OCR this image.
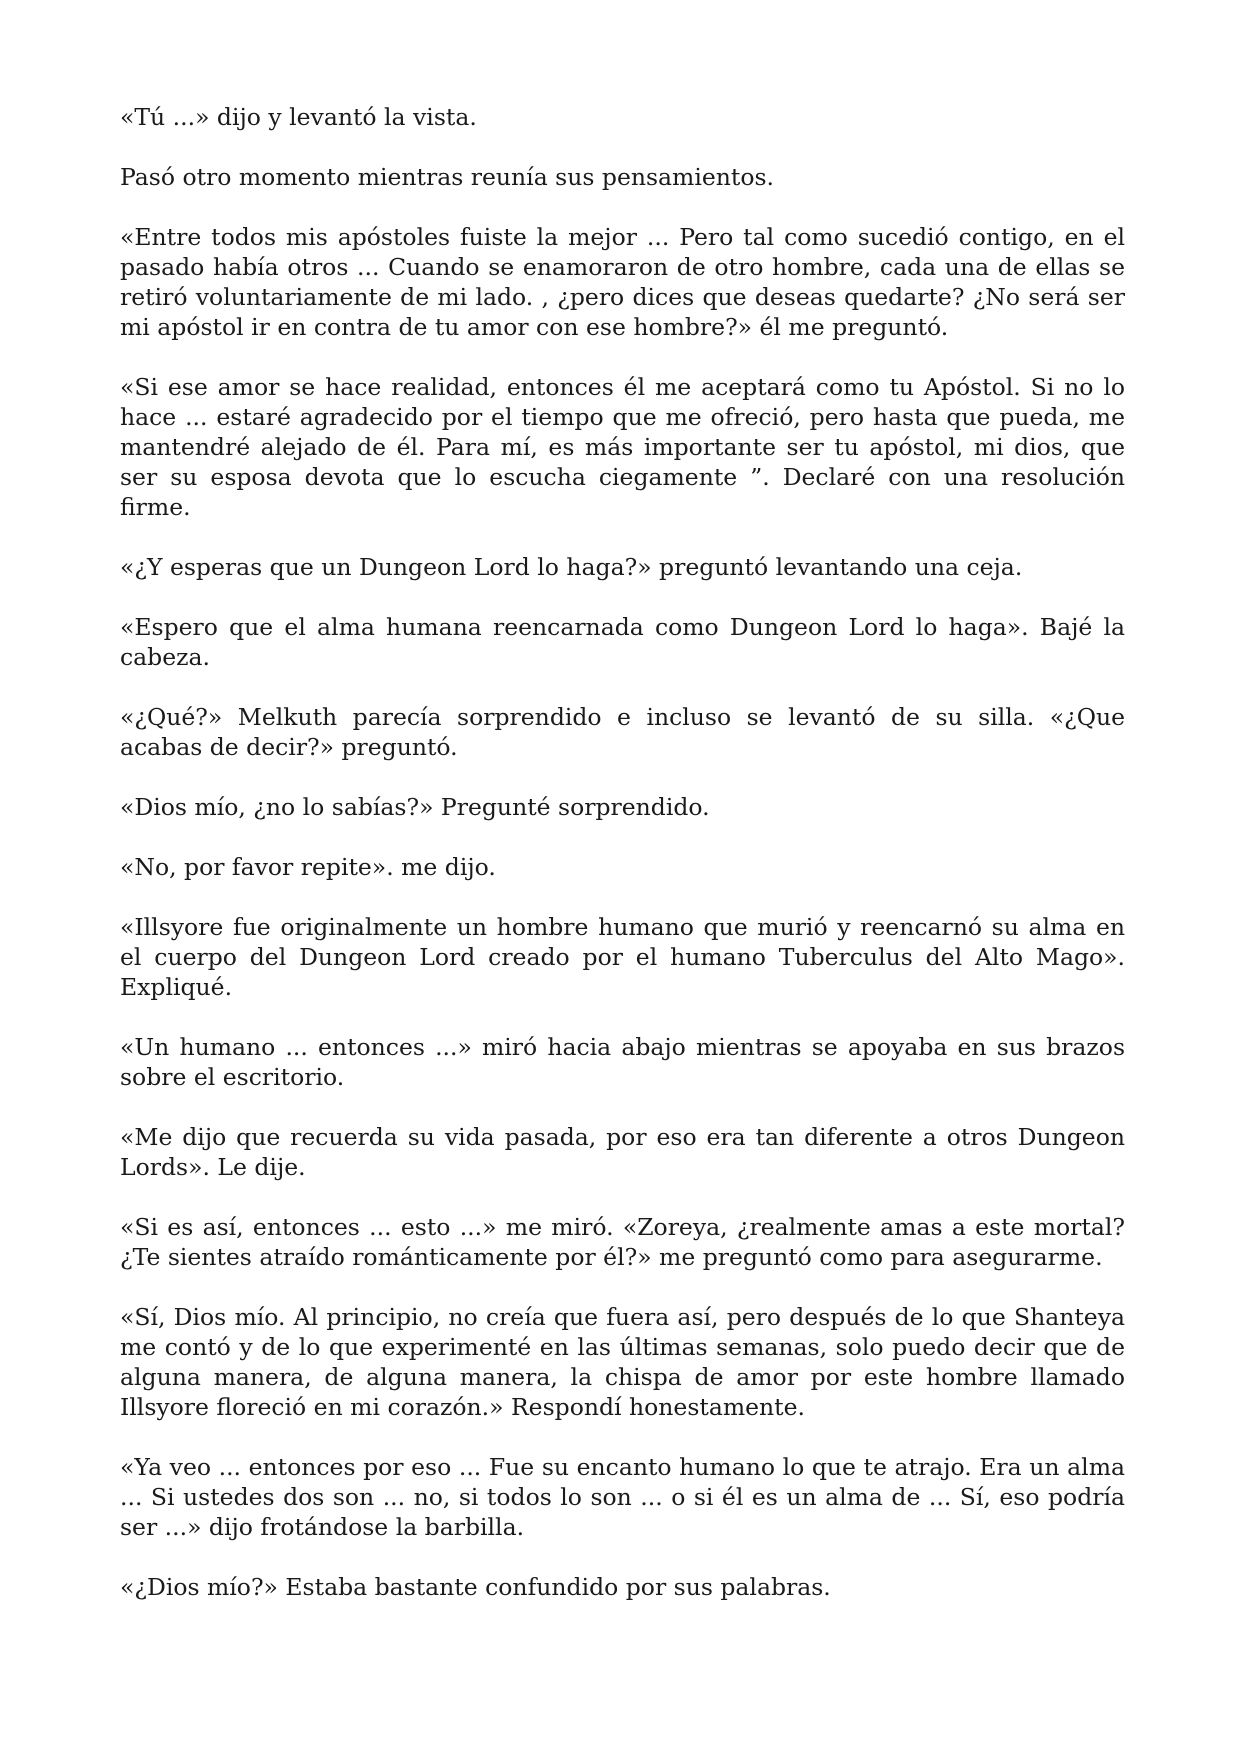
«Tú ...» dijo y levantó la vista.

Pasó otro momento mientras reunía sus pensamientos.

«Entre todos mis apóstoles fuiste la mejor ... Pero tal como sucedió contigo, en el pasado había otros ... Cuando se enamoraron de otro hombre, cada una de ellas se retiró voluntariamente de mi lado. , ¿pero dices que deseas quedarte? ¿No será ser mi apóstol ir en contra de tu amor con ese hombre?» él me preguntó.

«Si ese amor se hace realidad, entonces él me aceptará como tu Apóstol. Si no lo hace ... estaré agradecido por el tiempo que me ofreció, pero hasta que pueda, me mantendré alejado de él. Para mí, es más importante ser tu apóstol, mi dios, que ser su esposa devota que lo escucha ciegamente ”. Declaré con una resolución firme.

«¿Y esperas que un Dungeon Lord lo haga?» preguntó levantando una ceja.

«Espero que el alma humana reencarnada como Dungeon Lord lo haga». Bajé la cabeza.

«¿Qué?» Melkuth parecía sorprendido e incluso se levantó de su silla. «¿Que acabas de decir?» preguntó.

«Dios mío, ¿no lo sabías?» Pregunté sorprendido.

«No, por favor repite». me dijo.

«Illsyore fue originalmente un hombre humano que murió y reencarnó su alma en el cuerpo del Dungeon Lord creado por el humano Tuberculus del Alto Mago». Expliqué.

«Un humano ... entonces ...» miró hacia abajo mientras se apoyaba en sus brazos sobre el escritorio.

«Me dijo que recuerda su vida pasada, por eso era tan diferente a otros Dungeon Lords». Le dije.

«Si es así, entonces ... esto ...» me miró. «Zoreya, ¿realmente amas a este mortal? ¿Te sientes atraído románticamente por él?» me preguntó como para asegurarme.

«Sí, Dios mío. Al principio, no creía que fuera así, pero después de lo que Shanteya me contó y de lo que experimenté en las últimas semanas, solo puedo decir que de alguna manera, de alguna manera, la chispa de amor por este hombre llamado Illsyore floreció en mi corazón.» Respondí honestamente.

«Ya veo ... entonces por eso ... Fue su encanto humano lo que te atrajo. Era un alma ... Si ustedes dos son ... no, si todos lo son ... o si él es un alma de ... Sí, eso podría ser ...» dijo frotándose la barbilla.

«¿Dios mío?» Estaba bastante confundido por sus palabras.
